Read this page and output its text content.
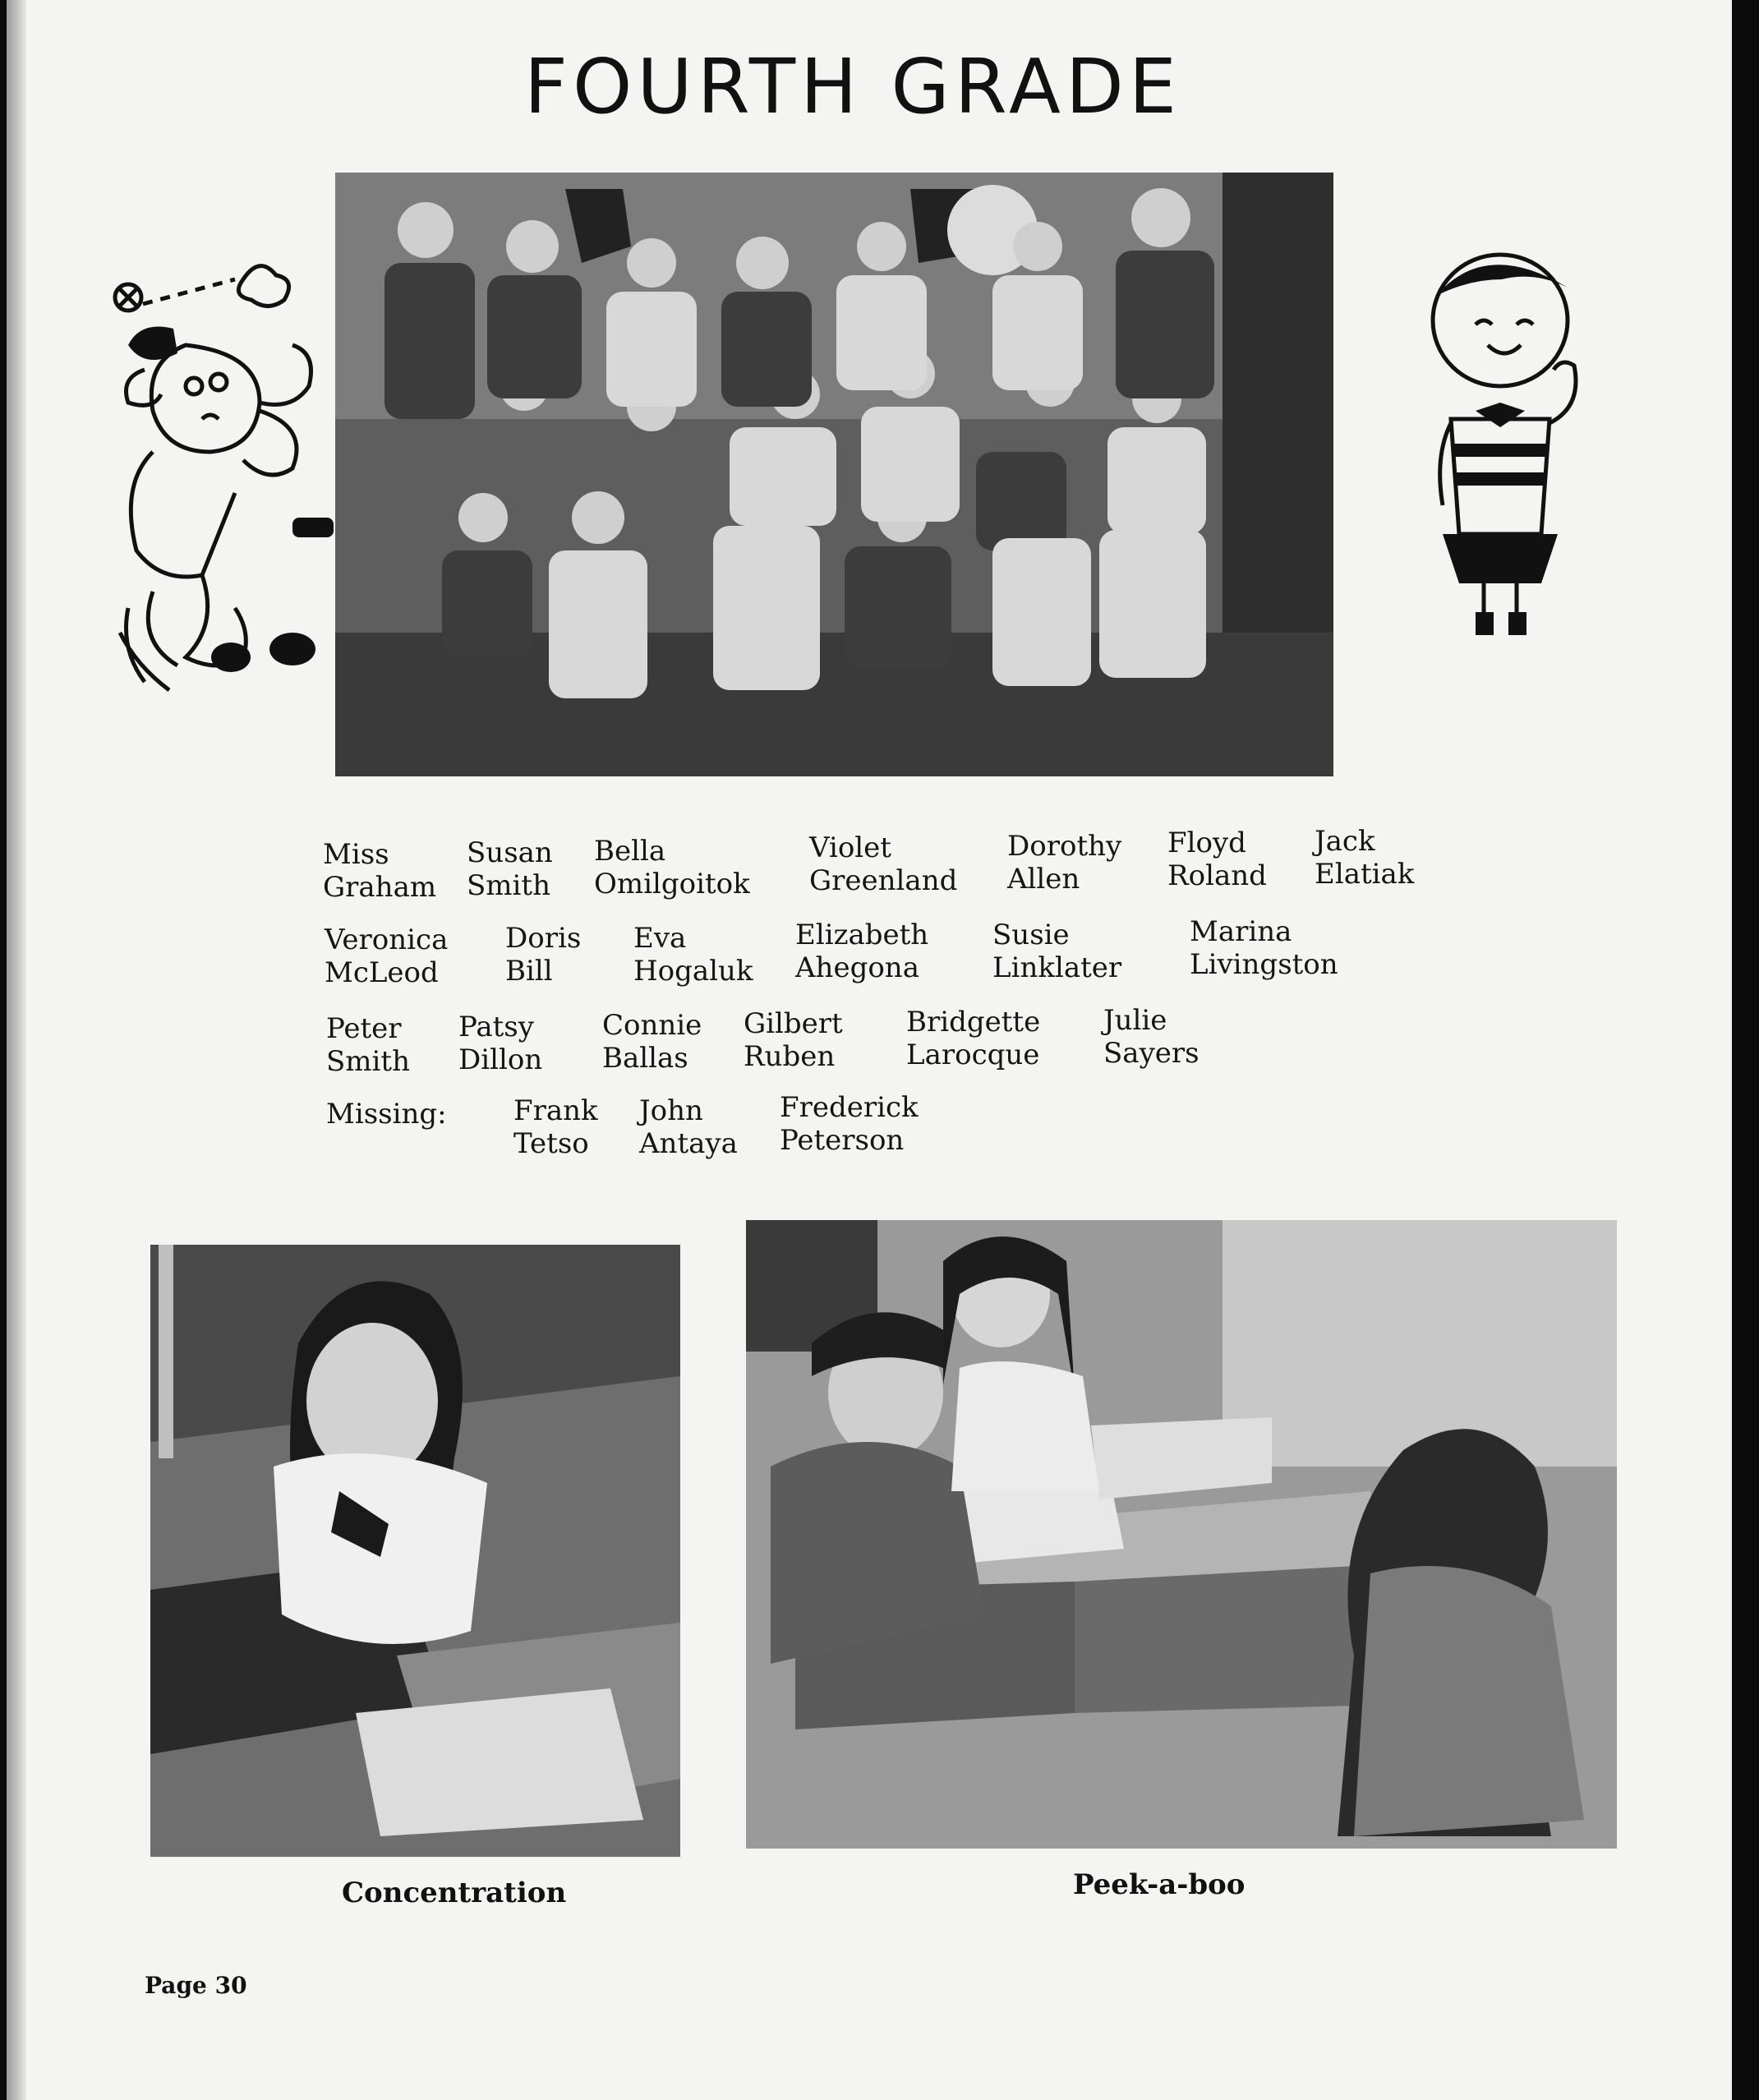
FOURTH GRADE
Miss
Graham
Susan
Smith
Bella
Omilgoitok
Violet
Greenland
Dorothy
Allen
Floyd
Roland
Jack
Elatiak
Veronica
McLeod
Doris
Bill
Eva
Hogaluk
Elizabeth
Ahegona
Susie
Linklater
Marina
Livingston
Peter
Smith
Patsy
Dillon
Connie
Ballas
Gilbert
Ruben
Bridgette
Larocque
Julie
Sayers
Missing: Frank
Tetso
John
Antaya
Frederick
Peterson
Concentration	Peek-a-boo
Page 30
